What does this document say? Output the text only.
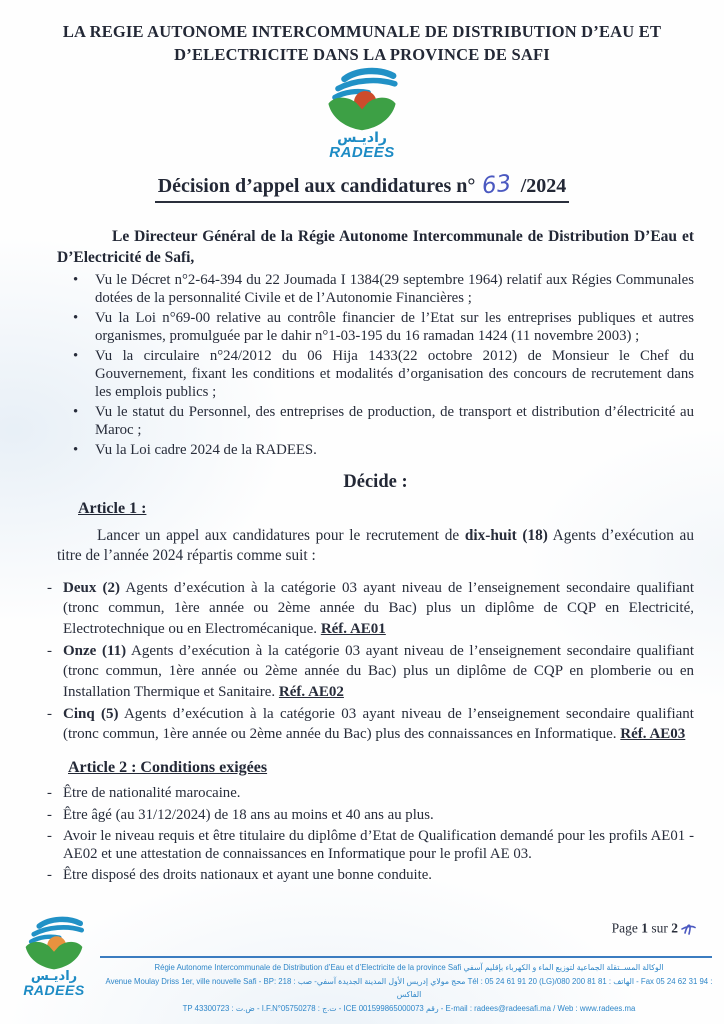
LA REGIE AUTONOME INTERCOMMUNALE DE DISTRIBUTION D’EAU ET
D’ELECTRICITE DANS LA PROVINCE DE SAFI
راديـس
RADEES
Décision d’appel aux candidatures n° 63 /2024

Le Directeur Général de la Régie Autonome Intercommunale de Distribution D’Eau et D’Electricité de Safi,

• Vu le Décret n°2-64-394 du 22 Joumada I 1384(29 septembre 1964) relatif aux Régies Communales dotées de la personnalité Civile et de l’Autonomie Financières ;
• Vu la Loi n°69-00 relative au contrôle financier de l’Etat sur les entreprises publiques et autres organismes, promulguée par le dahir n°1-03-195 du 16 ramadan 1424 (11 novembre 2003) ;
• Vu la circulaire n°24/2012 du 06 Hija 1433(22 octobre 2012) de Monsieur le Chef du Gouvernement, fixant les conditions et modalités d’organisation des concours de recrutement dans les emplois publics ;
• Vu le statut du Personnel, des entreprises de production, de transport et distribution d’électricité au Maroc ;
• Vu la Loi cadre 2024 de la RADEES.
Décide :
Article 1 :

Lancer un appel aux candidatures pour le recrutement de dix-huit (18) Agents d’exécution au titre de l’année 2024 répartis comme suit :

- Deux (2) Agents d’exécution à la catégorie 03 ayant niveau de l’enseignement secondaire qualifiant (tronc commun, 1ère année ou 2ème année du Bac) plus un diplôme de CQP en Electricité, Electrotechnique ou en Electromécanique. Réf. AE01
- Onze (11) Agents d’exécution à la catégorie 03 ayant niveau de l’enseignement secondaire qualifiant (tronc commun, 1ère année ou 2ème année du Bac) plus un diplôme de CQP en plomberie ou en Installation Thermique et Sanitaire. Réf. AE02
- Cinq (5) Agents d’exécution à la catégorie 03 ayant niveau de l’enseignement secondaire qualifiant (tronc commun, 1ère année ou 2ème année du Bac) plus des connaissances en Informatique. Réf. AE03
Article 2 : Conditions exigées
- Être de nationalité marocaine.
- Être âgé (au 31/12/2024) de 18 ans au moins et 40 ans au plus.
- Avoir le niveau requis et être titulaire du diplôme d’Etat de Qualification demandé pour les profils AE01 - AE02 et une attestation de connaissances en Informatique pour le profil AE 03.
- Être disposé des droits nationaux et ayant une bonne conduite.
راديـس
RADEES
Page 1 sur 2
Régie Autonome Intercommunale de Distribution d’Eau et d’Electricite de la province Safi الوكالة المســتقلة الجماعية لتوزيع الماء و الكهرباء بإقليم آسفي
Avenue Moulay Driss 1er, ville nouvelle Safi - BP: 218 : محج مولاي إدريس الأول المدينة الجديدة آسفي- صب Tél : 05 24 61 91 20 (LG)/080 200 81 81 : الهاتف - Fax 05 24 62 31 94 : الفاكس
TP 43300723 : ض.ت - I.F.N°05750278 : ت.ج - ICE 001599865000073 رقم - E-mail : radees@radeesafi.ma / Web : www.radees.ma
